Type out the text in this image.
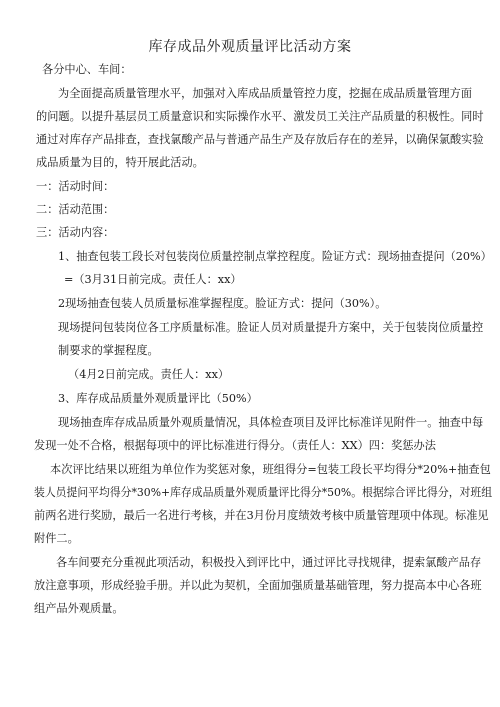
库存成品外观质量评比活动方案
各分中心、车间：
为全面提高质量管理水平，加强对入库成品质量管控力度，挖掘在成品质量管理方面
的问题。以提升基层员工质量意识和实际操作水平、激发员工关注产品质量的积极性。同时
通过对库存产品排查，查找氯酸产品与普通产品生产及存放后存在的差异，以确保氯酸实验
成品质量为目的，特开展此活动。
一：活动时间：
二：活动范围：
三：活动内容：
1、抽查包装工段长对包装岗位质量控制点掌控程度。险证方式：现场抽查提问（20%）
=（3月31日前完成。责任人：xx）
2现场抽查包装人员质量标准掌握程度。脸证方式：提问（30%）。
现场提问包装岗位各工序质量标准。脸证人员对质量提升方案中，关于包装岗位质量控
制要求的掌握程度。
（4月2日前完成。责任人：xx）
3、库存成品质量外观质量评比（50%）
现场抽查库存成品质量外观质量情况，具体检查项目及评比标准详见附件一。抽查中每
发现一处不合格，根据每项中的评比标准进行得分。（责任人：XX）四：奖惩办法
本次评比结果以班组为单位作为奖惩对象，班组得分=包装工段长平均得分*20%+抽查包
装人员提问平均得分*30%+库存成品质量外观质量评比得分*50%。根据综合评比得分，对班组
前两名进行奖励，最后一名进行考核，并在3月份月度绩效考核中质量管理项中体现。标准见
附件二。
各车间要充分重视此项活动，积极投入到评比中，通过评比寻找规律，提索氯酸产品存
放注意事项，形成经验手册。并以此为契机，全面加强质量基础管理，努力提高本中心各班
组产品外观质量。
